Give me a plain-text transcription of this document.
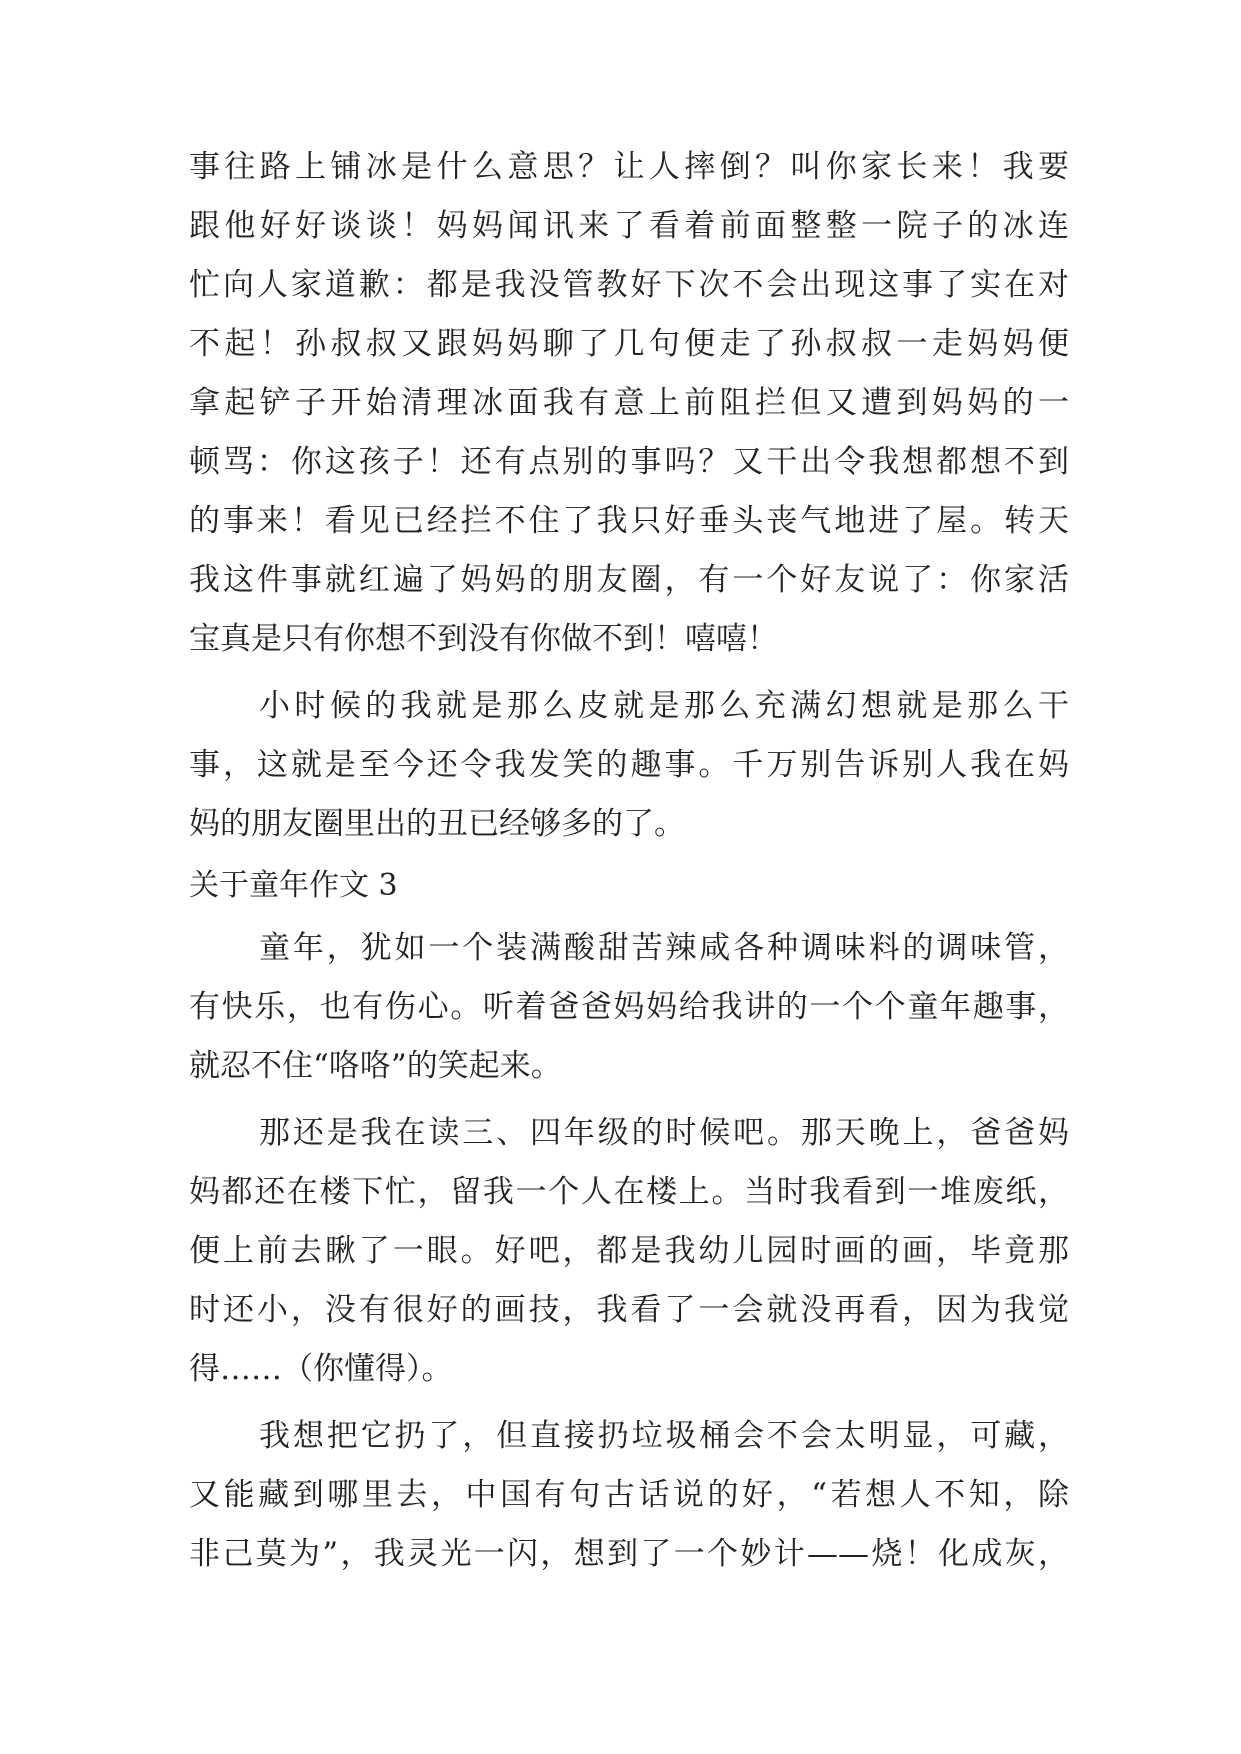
事往路上铺冰是什么意思？让人摔倒？叫你家长来！我要
跟他好好谈谈！妈妈闻讯来了看着前面整整一院子的冰连
忙向人家道歉：都是我没管教好下次不会出现这事了实在对
不起！孙叔叔又跟妈妈聊了几句便走了孙叔叔一走妈妈便
拿起铲子开始清理冰面我有意上前阻拦但又遭到妈妈的一
顿骂：你这孩子！还有点别的事吗？又干出令我想都想不到
的事来！看见已经拦不住了我只好垂头丧气地进了屋。转天
我这件事就红遍了妈妈的朋友圈，有一个好友说了：你家活
宝真是只有你想不到没有你做不到！嘻嘻！
小时候的我就是那么皮就是那么充满幻想就是那么干
事，这就是至今还令我发笑的趣事。千万别告诉别人我在妈
妈的朋友圈里出的丑已经够多的了。
关于童年作文 3
童年，犹如一个装满酸甜苦辣咸各种调味料的调味管，
有快乐，也有伤心。听着爸爸妈妈给我讲的一个个童年趣事，
就忍不住“咯咯”的笑起来。
那还是我在读三、四年级的时候吧。那天晚上，爸爸妈
妈都还在楼下忙，留我一个人在楼上。当时我看到一堆废纸，
便上前去瞅了一眼。好吧，都是我幼儿园时画的画，毕竟那
时还小，没有很好的画技，我看了一会就没再看，因为我觉
得……（你懂得）。
我想把它扔了，但直接扔垃圾桶会不会太明显，可藏，
又能藏到哪里去，中国有句古话说的好，“若想人不知，除
非己莫为”，我灵光一闪，想到了一个妙计——烧！化成灰，
